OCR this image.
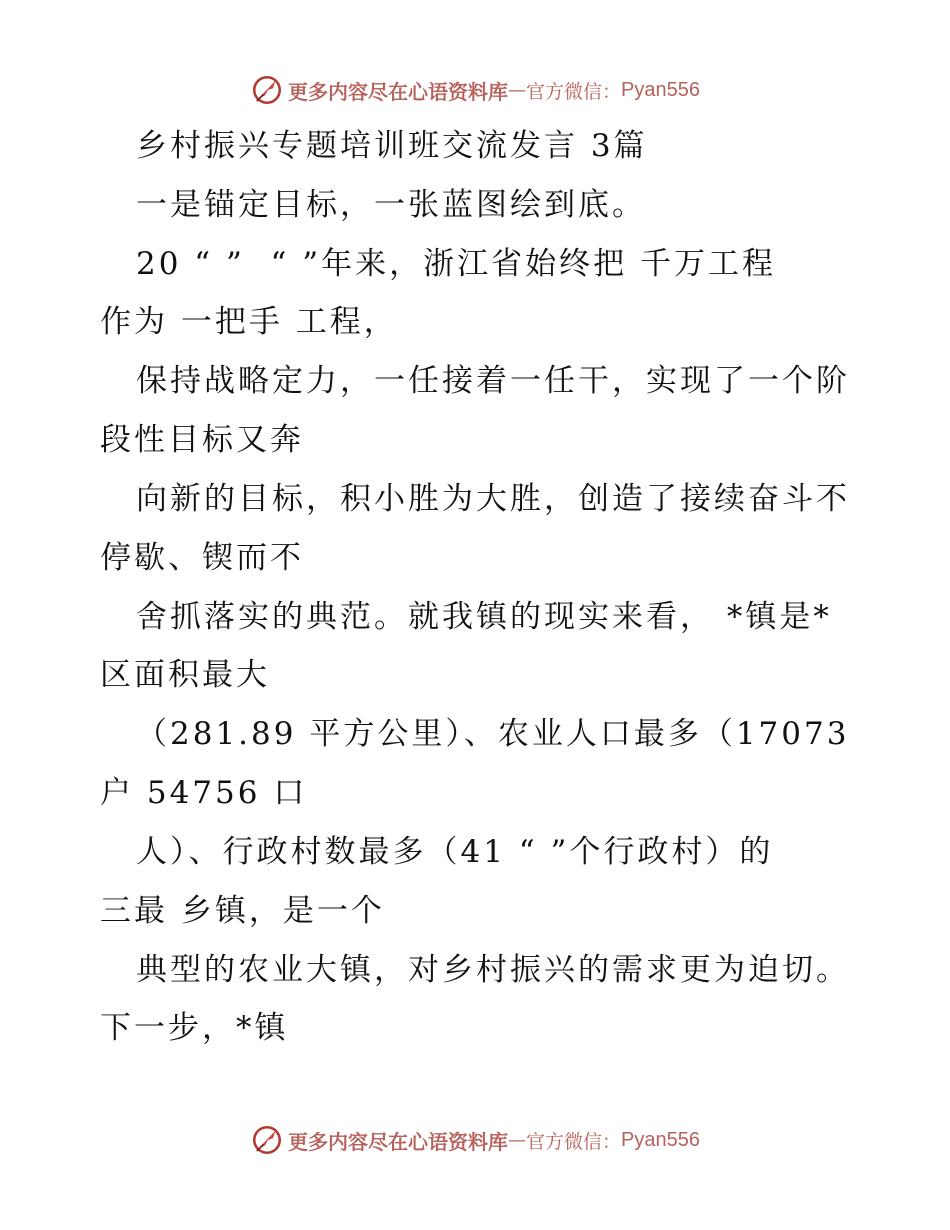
更多内容尽在心语资料库 — 官方微信： Pyan556
乡村振兴专题培训班交流发言 3篇
一是锚定目标，一张蓝图绘到底。
20 “ ”  “ ”年来，浙江省始终把 千万工程
作为 一把手 工程，
保持战略定力，一任接着一任干，实现了一个阶
段性目标又奔
向新的目标，积小胜为大胜，创造了接续奋斗不
停歇、锲而不
舍抓落实的典范。就我镇的现实来看， *镇是*
区面积最大
（281.89 平方公里）、农业人口最多（17073
户 54756 口
人）、行政村数最多（41 “ ”个行政村）的
三最 乡镇，是一个
典型的农业大镇，对乡村振兴的需求更为迫切。
下一步，*镇
更多内容尽在心语资料库 — 官方微信： Pyan556
